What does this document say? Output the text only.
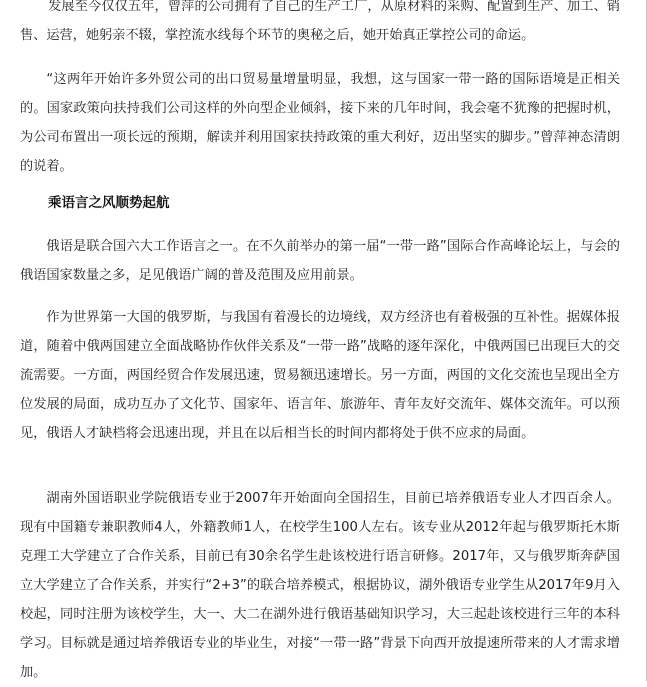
发展至今仅仅五年，曾萍的公司拥有了自己的生产工厂，从原材料的采购、配置到生产、加工、销售、运营，她躬亲不辍，掌控流水线每个环节的奥秘之后，她开始真正掌控公司的命运。

“这两年开始许多外贸公司的出口贸易量增量明显，我想，这与国家一带一路的国际语境是正相关的。国家政策向扶持我们公司这样的外向型企业倾斜，接下来的几年时间，我会毫不犹豫的把握时机，为公司布置出一项长远的预期，解读并利用国家扶持政策的重大利好，迈出坚实的脚步。”曾萍神态清朗的说着。

乘语言之风顺势起航

俄语是联合国六大工作语言之一。在不久前举办的第一届“一带一路”国际合作高峰论坛上，与会的俄语国家数量之多，足见俄语广阔的普及范围及应用前景。

作为世界第一大国的俄罗斯，与我国有着漫长的边境线，双方经济也有着极强的互补性。据媒体报道，随着中俄两国建立全面战略协作伙伴关系及“一带一路”战略的逐年深化，中俄两国已出现巨大的交流需要。一方面，两国经贸合作发展迅速，贸易额迅速增长。另一方面，两国的文化交流也呈现出全方位发展的局面，成功互办了文化节、国家年、语言年、旅游年、青年友好交流年、媒体交流年。可以预见，俄语人才缺档将会迅速出现，并且在以后相当长的时间内都将处于供不应求的局面。

湖南外国语职业学院俄语专业于2007年开始面向全国招生，目前已培养俄语专业人才四百余人。现有中国籍专兼职教师4人，外籍教师1人，在校学生100人左右。该专业从2012年起与俄罗斯托木斯克理工大学建立了合作关系，目前已有30余名学生赴该校进行语言研修。2017年，又与俄罗斯奔萨国立大学建立了合作关系，并实行“2+3”的联合培养模式，根据协议，湖外俄语专业学生从2017年9月入校起，同时注册为该校学生，大一、大二在湖外进行俄语基础知识学习，大三起赴该校进行三年的本科学习。目标就是通过培养俄语专业的毕业生，对接“一带一路”背景下向西开放提速所带来的人才需求增加。
